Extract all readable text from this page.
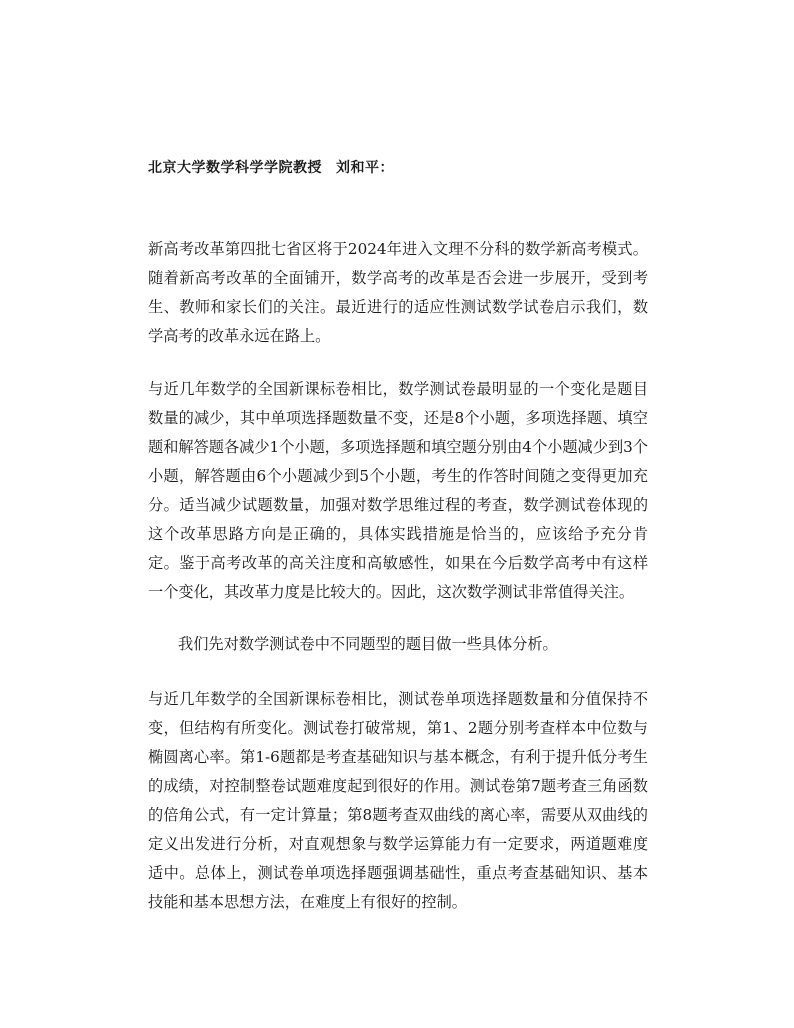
北京大学数学科学学院教授 刘和平：

新高考改革第四批七省区将于2024年进入文理不分科的数学新高考模式。随着新高考改革的全面铺开，数学高考的改革是否会进一步展开，受到考生、教师和家长们的关注。最近进行的适应性测试数学试卷启示我们，数学高考的改革永远在路上。

与近几年数学的全国新课标卷相比，数学测试卷最明显的一个变化是题目数量的减少，其中单项选择题数量不变，还是8个小题，多项选择题、填空题和解答题各减少1个小题，多项选择题和填空题分别由4个小题减少到3个小题，解答题由6个小题减少到5个小题，考生的作答时间随之变得更加充分。适当减少试题数量，加强对数学思维过程的考查，数学测试卷体现的这个改革思路方向是正确的，具体实践措施是恰当的，应该给予充分肯定。鉴于高考改革的高关注度和高敏感性，如果在今后数学高考中有这样一个变化，其改革力度是比较大的。因此，这次数学测试非常值得关注。

我们先对数学测试卷中不同题型的题目做一些具体分析。

与近几年数学的全国新课标卷相比，测试卷单项选择题数量和分值保持不变，但结构有所变化。测试卷打破常规，第1、2题分别考查样本中位数与椭圆离心率。第1-6题都是考查基础知识与基本概念，有利于提升低分考生的成绩，对控制整卷试题难度起到很好的作用。测试卷第7题考查三角函数的倍角公式，有一定计算量；第8题考查双曲线的离心率，需要从双曲线的定义出发进行分析，对直观想象与数学运算能力有一定要求，两道题难度适中。总体上，测试卷单项选择题强调基础性，重点考查基础知识、基本技能和基本思想方法，在难度上有很好的控制。
